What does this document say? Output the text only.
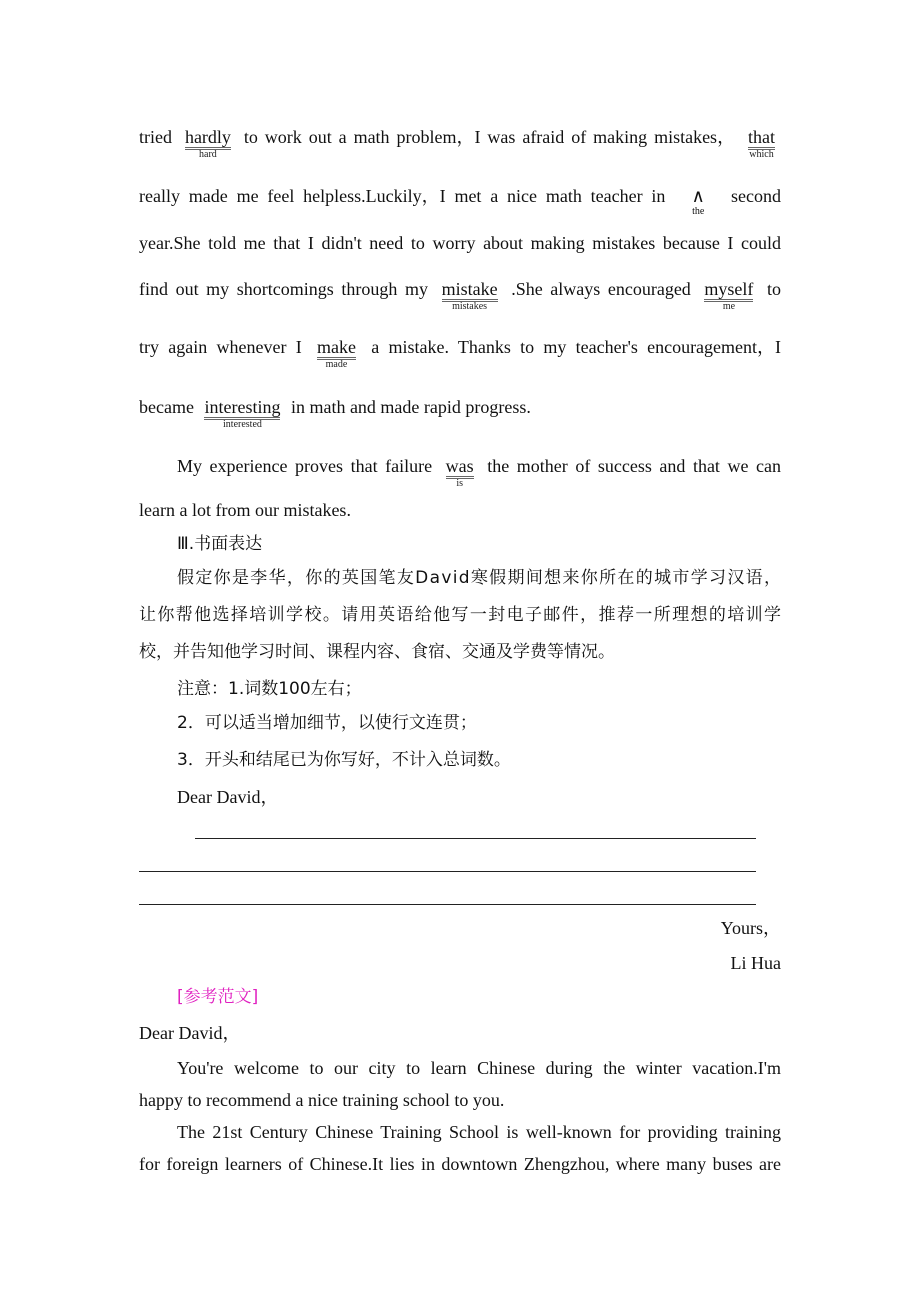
tried hardly
hard
to work out a math problem，I was afraid of making mistakes， that
which
really made me feel helpless.Luckily，I met a nice math teacher in ∧
the
second
year.She told me that I didn't need to worry about making mistakes because I could
find out my shortcomings through my mistake
mistakes
.She always encouraged myself
me
to
try again whenever I make
made
a mistake. Thanks to my teacher's encouragement，I
became interesting
interested
in math and made rapid progress.
My experience proves that failure was
is
the mother of success and that we can
learn a lot from our mistakes.
Ⅲ.书面表达
假定你是李华，你的英国笔友David寒假期间想来你所在的城市学习汉语，
让你帮他选择培训学校。请用英语给他写一封电子邮件，推荐一所理想的培训学
校，并告知他学习时间、课程内容、食宿、交通及学费等情况。
注意：1.词数100左右；
2．可以适当增加细节，以使行文连贯；
3．开头和结尾已为你写好，不计入总词数。
Dear David，
Yours，
Li Hua
[参考范文]
Dear David，
You're welcome to our city to learn Chinese during the winter vacation.I'm
happy to recommend a nice training school to you.
The 21st Century Chinese Training School is well-known for providing training
for foreign learners of Chinese.It lies in downtown Zhengzhou, where many buses are
